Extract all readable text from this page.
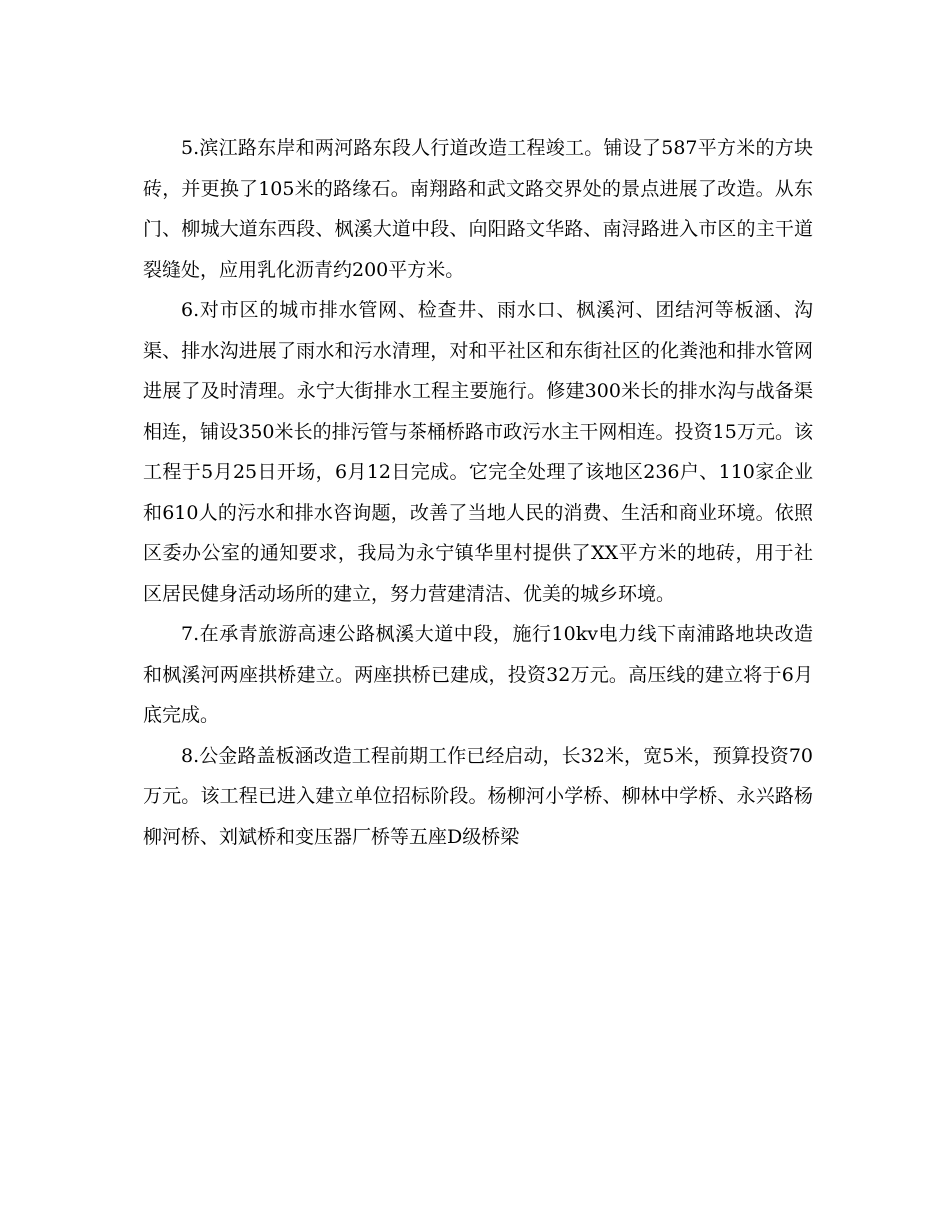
5.滨江路东岸和两河路东段人行道改造工程竣工。铺设了587平方米的方块砖，并更换了105米的路缘石。南翔路和武文路交界处的景点进展了改造。从东门、柳城大道东西段、枫溪大道中段、向阳路文华路、南浔路进入市区的主干道裂缝处，应用乳化沥青约200平方米。

6.对市区的城市排水管网、检查井、雨水口、枫溪河、团结河等板涵、沟渠、排水沟进展了雨水和污水清理，对和平社区和东街社区的化粪池和排水管网进展了及时清理。永宁大街排水工程主要施行。修建300米长的排水沟与战备渠相连，铺设350米长的排污管与茶桶桥路市政污水主干网相连。投资15万元。该工程于5月25日开场，6月12日完成。它完全处理了该地区236户、110家企业和610人的污水和排水咨询题，改善了当地人民的消费、生活和商业环境。依照区委办公室的通知要求，我局为永宁镇华里村提供了XX平方米的地砖，用于社区居民健身活动场所的建立，努力营建清洁、优美的城乡环境。

7.在承青旅游高速公路枫溪大道中段，施行10kv电力线下南浦路地块改造和枫溪河两座拱桥建立。两座拱桥已建成，投资32万元。高压线的建立将于6月底完成。

8.公金路盖板涵改造工程前期工作已经启动，长32米，宽5米，预算投资70万元。该工程已进入建立单位招标阶段。杨柳河小学桥、柳林中学桥、永兴路杨柳河桥、刘斌桥和变压器厂桥等五座D级桥梁
